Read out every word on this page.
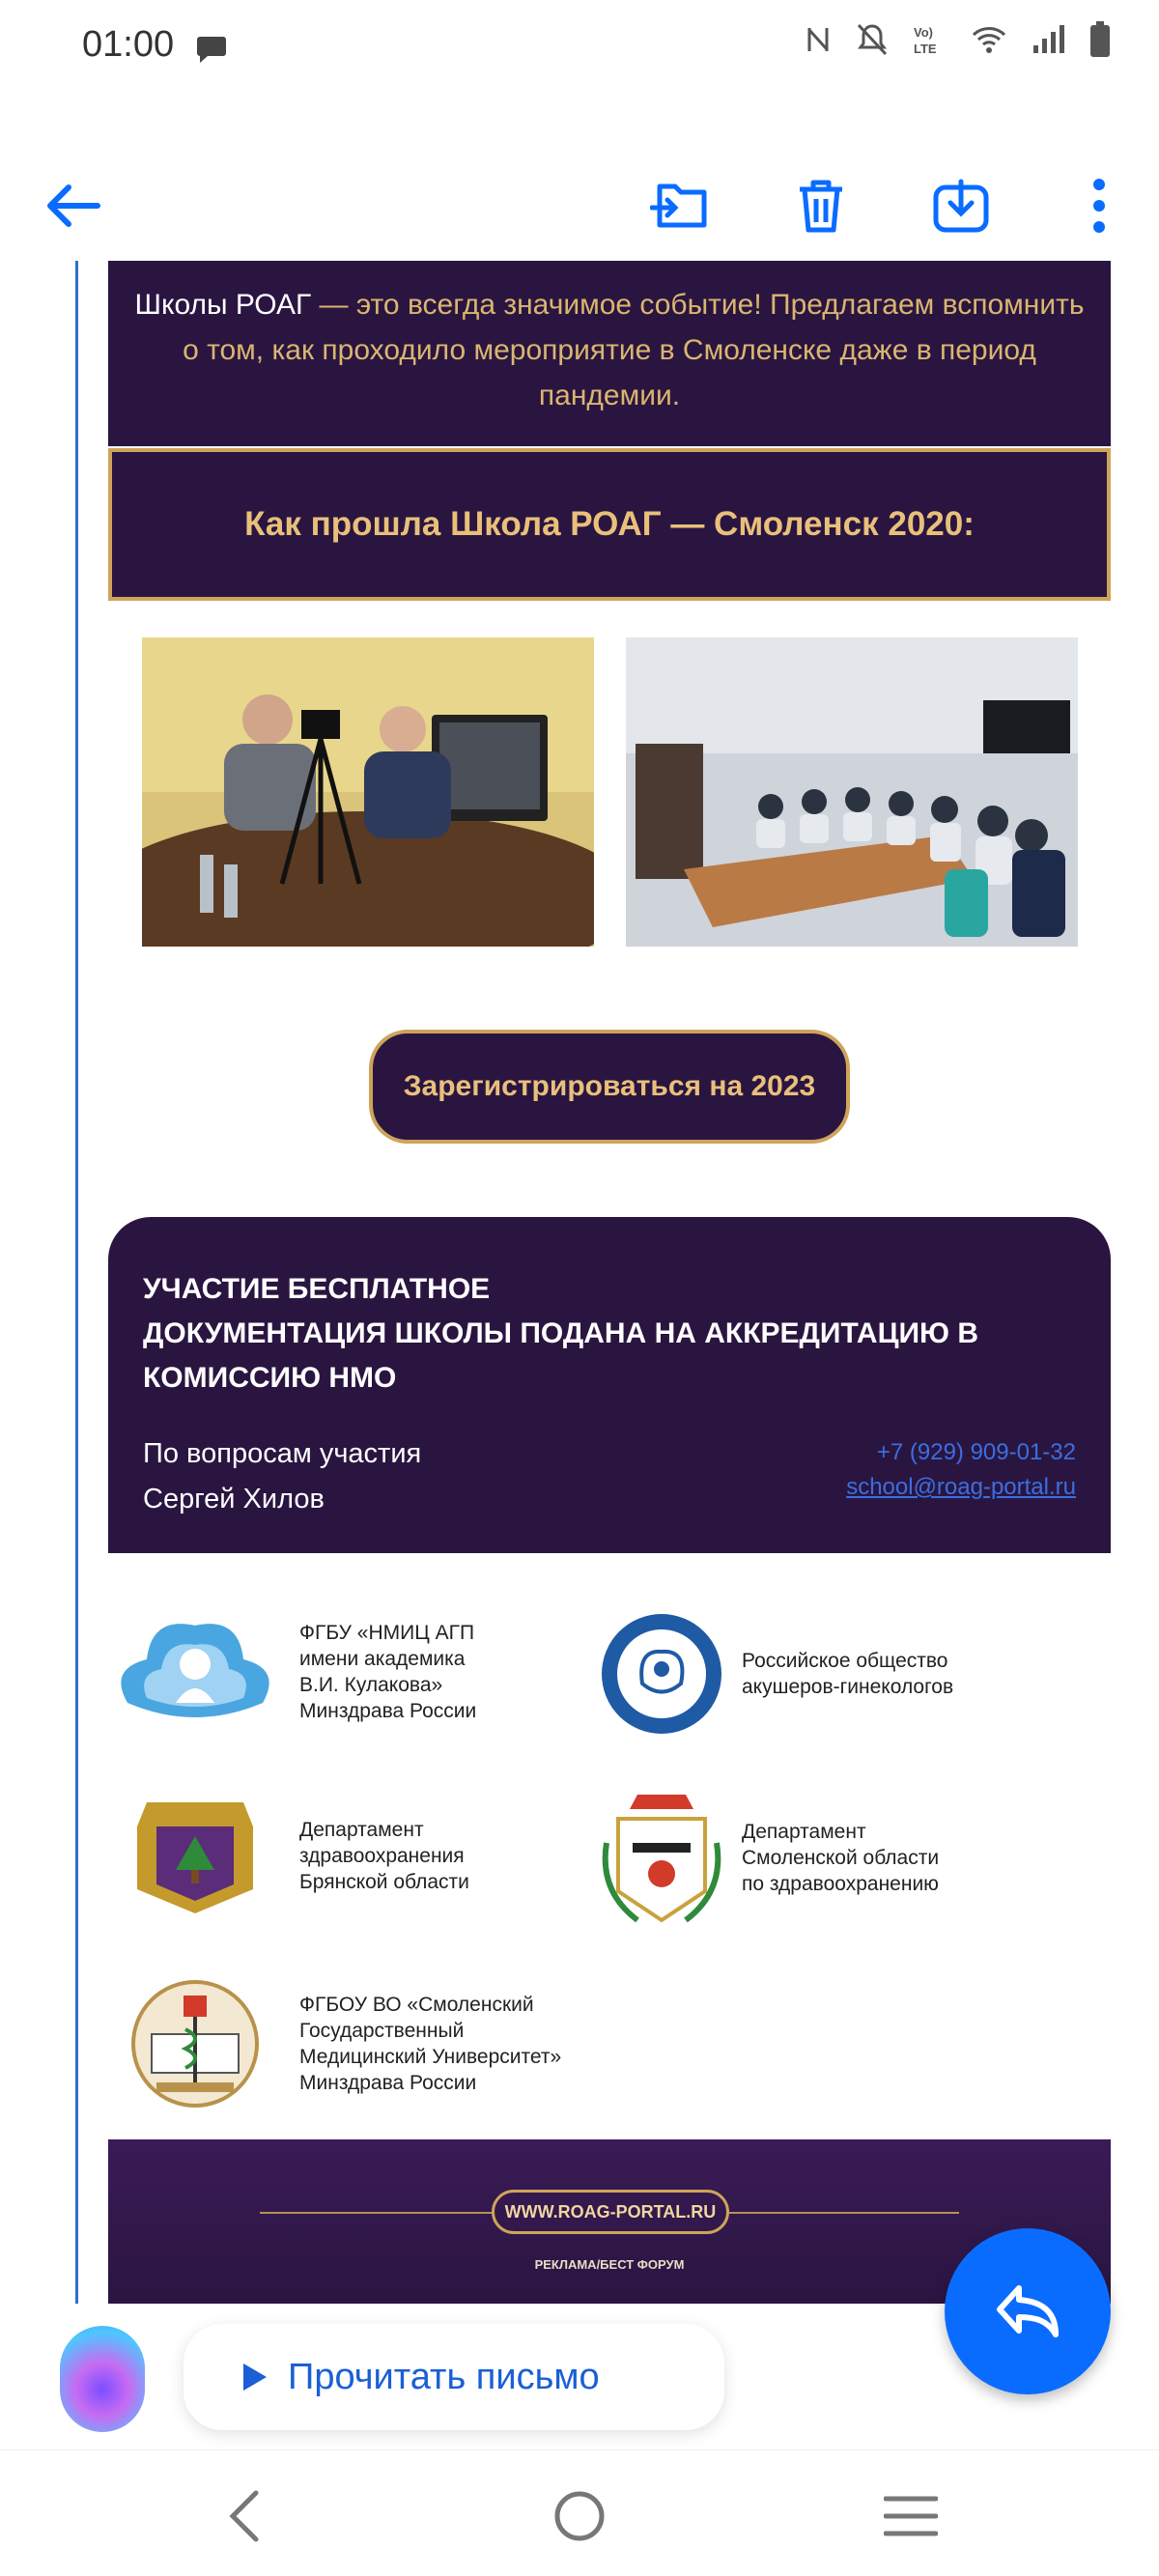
01:00	Vo)
LTE
Школы РОАГ — это всегда значимое событие! Предлагаем вспомнить о том, как проходило мероприятие в Смоленске даже в период пандемии.
Как прошла Школа РОАГ — Смоленск 2020:
Зарегистрироваться на 2023
УЧАСТИЕ БЕСПЛАТНОЕ
ДОКУМЕНТАЦИЯ ШКОЛЫ ПОДАНА НА АККРЕДИТАЦИЮ В КОМИССИЮ НМО
По вопросам участия
Сергей Хилов
+7 (929) 909-01-32
school@roag-portal.ru
ФГБУ «НМИЦ АГП
имени академика
В.И. Кулакова»
Минздрава России
Российское общество
акушеров-гинекологов
Департамент
здравоохранения
Брянской области
Департамент
Смоленской области
по здравоохранению
ФГБОУ ВО «Смоленский
Государственный
Медицинский Университет»
Минздрава России
WWW.ROAG-PORTAL.RU
РЕКЛАМА/БЕСТ ФОРУМ
Прочитать письмо
